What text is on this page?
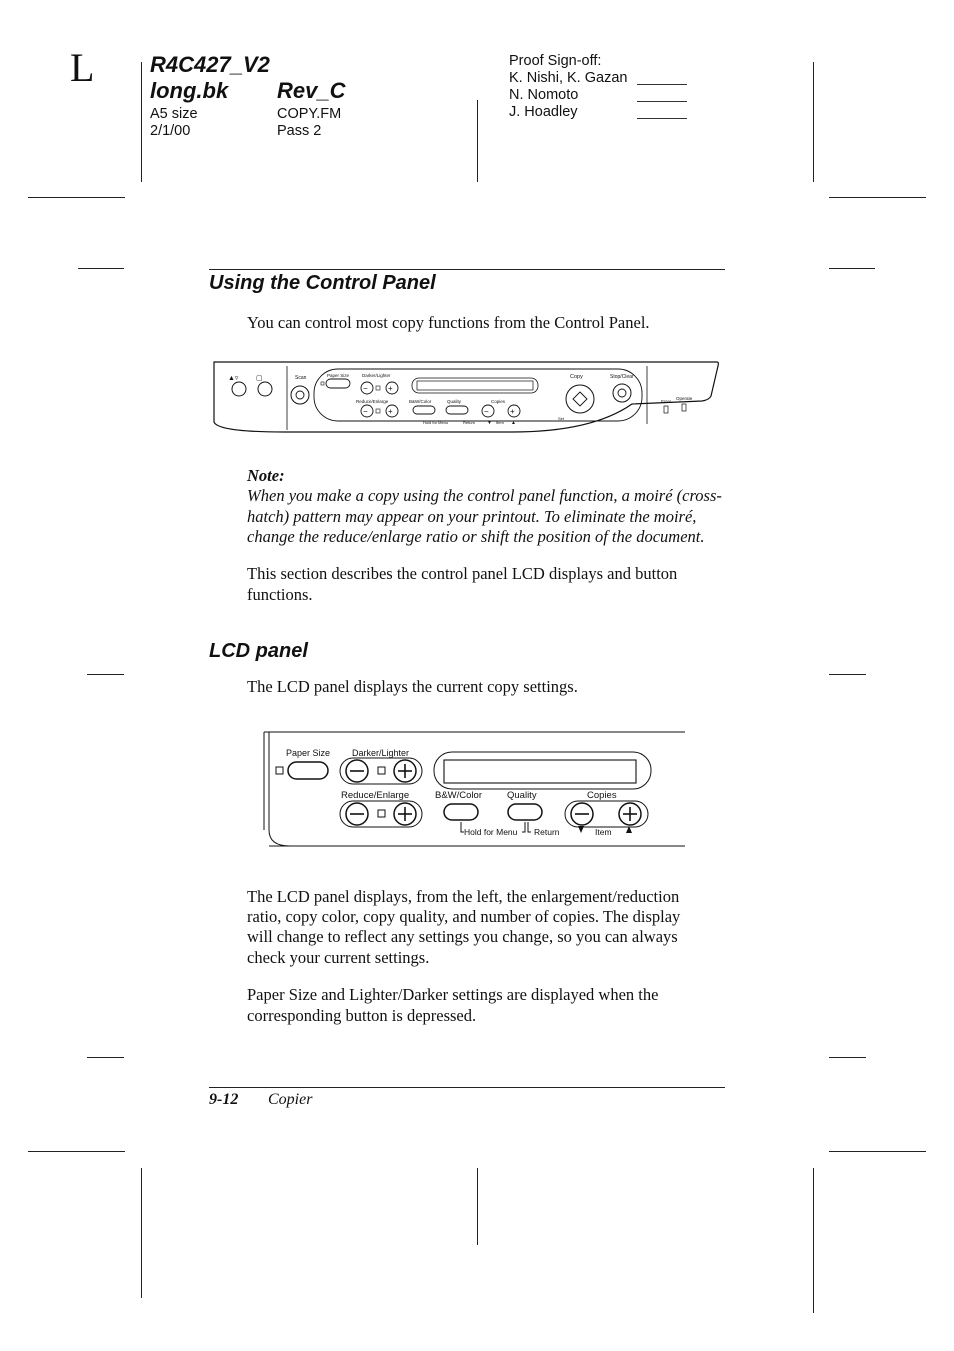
L	R4C427_V2
long.bk Rev_C
A5 size
2/1/00
COPY.FM
Pass 2
Proof Sign-off:
K. Nishi, K. Gazan
N. Nomoto
J. Hoadley
Using the Control Panel
You can control most copy functions from the Control Panel.
▲▿	▢	Scan	Paper Size	Darker/Lighter
−	+
Reduce/Enlarge
−	+
B&W/Color	Quality	Copies
−	+
Hold for Menu	Return ▼ Item ▲
Copy
Set
Stop/Clear
Error
Operate
Note:
When you make a copy using the control panel function, a moiré (cross-
hatch) pattern may appear on your printout. To eliminate the moiré,
change the reduce/enlarge ratio or shift the position of the document.
This section describes the control panel LCD displays and button
functions.
LCD panel
The LCD panel displays the current copy settings.
Paper Size Darker/Lighter
Reduce/Enlarge	B&W/Color	Quality	Copies
Hold for Menu Return	Item
The LCD panel displays, from the left, the enlargement/reduction
ratio, copy color, copy quality, and number of copies. The display
will change to reflect any settings you change, so you can always
check your current settings.
Paper Size and Lighter/Darker settings are displayed when the
corresponding button is depressed.
9-12 Copier
